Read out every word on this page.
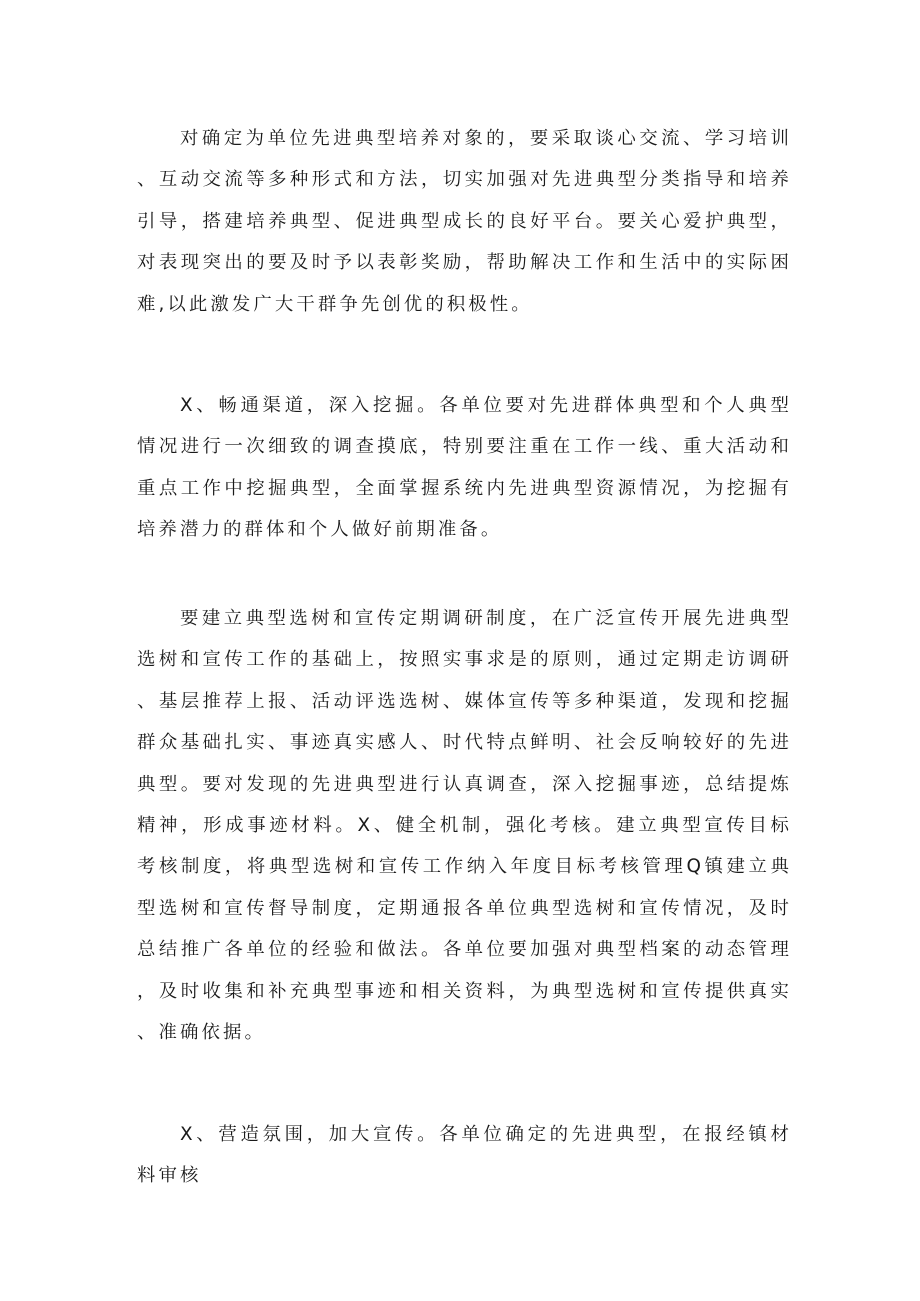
对确定为单位先进典型培养对象的，要采取谈心交流、学习培训、互动交流等多种形式和方法，切实加强对先进典型分类指导和培养引导，搭建培养典型、促进典型成长的良好平台。要关心爱护典型，对表现突出的要及时予以表彰奖励，帮助解决工作和生活中的实际困难,以此激发广大干群争先创优的积极性。

X、畅通渠道，深入挖掘。各单位要对先进群体典型和个人典型情况进行一次细致的调查摸底，特别要注重在工作一线、重大活动和重点工作中挖掘典型，全面掌握系统内先进典型资源情况，为挖掘有培养潜力的群体和个人做好前期准备。

要建立典型选树和宣传定期调研制度，在广泛宣传开展先进典型选树和宣传工作的基础上，按照实事求是的原则，通过定期走访调研、基层推荐上报、活动评选选树、媒体宣传等多种渠道，发现和挖掘群众基础扎实、事迹真实感人、时代特点鲜明、社会反响较好的先进典型。要对发现的先进典型进行认真调查，深入挖掘事迹，总结提炼精神，形成事迹材料。X、健全机制，强化考核。建立典型宣传目标考核制度，将典型选树和宣传工作纳入年度目标考核管理Q镇建立典型选树和宣传督导制度，定期通报各单位典型选树和宣传情况，及时总结推广各单位的经验和做法。各单位要加强对典型档案的动态管理，及时收集和补充典型事迹和相关资料，为典型选树和宣传提供真实、准确依据。

X、营造氛围，加大宣传。各单位确定的先进典型，在报经镇材料审核
